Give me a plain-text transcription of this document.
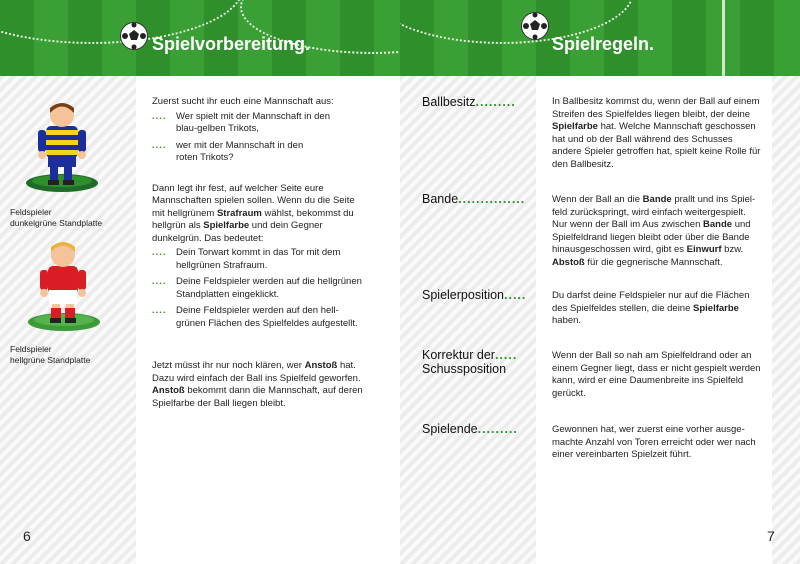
Spielvorbereitung.	Spielregeln.
Feldspieler
dunkelgrüne Standplatte
Feldspieler
hellgrüne Standplatte
6
Zuerst sucht ihr euch eine Mannschaft aus:
.... Wer spielt mit der Mannschaft in den
blau-gelben Trikots,
.... wer mit der Mannschaft in den
roten Trikots?
Dann legt ihr fest, auf welcher Seite eure
Mannschaften spielen sollen. Wenn du die Seite
mit hellgrünem Strafraum wählst, bekommst du
hellgrün als Spielfarbe und dein Gegner
dunkelgrün. Das bedeutet:
.... Dein Torwart kommt in das Tor mit dem
hellgrünen Strafraum.
.... Deine Feldspieler werden auf die hellgrünen
Standplatten eingeklickt.
.... Deine Feldspieler werden auf den hell-
grünen Flächen des Spielfeldes aufgestellt.
Jetzt müsst ihr nur noch klären, wer Anstoß hat.
Dazu wird einfach der Ball ins Spielfeld geworfen.
Anstoß bekommt dann die Mannschaft, auf deren
Spielfarbe der Ball liegen bleibt.
Ballbesitz.........
Bande...............
Spielerposition.....
Korrektur der.....
Schussposition
Spielende.........
In Ballbesitz kommst du, wenn der Ball auf einem
Streifen des Spielfeldes liegen bleibt, der deine
Spielfarbe hat. Welche Mannschaft geschossen
hat und ob der Ball während des Schusses
andere Spieler getroffen hat, spielt keine Rolle für
den Ballbesitz.
Wenn der Ball an die Bande prallt und ins Spiel-
feld zurückspringt, wird einfach weitergespielt.
Nur wenn der Ball im Aus zwischen Bande und
Spielfeldrand liegen bleibt oder über die Bande
hinausgeschossen wird, gibt es Einwurf bzw.
Abstoß für die gegnerische Mannschaft.
Du darfst deine Feldspieler nur auf die Flächen
des Spielfeldes stellen, die deine Spielfarbe
haben.
Wenn der Ball so nah am Spielfeldrand oder an
einem Gegner liegt, dass er nicht gespielt werden
kann, wird er eine Daumenbreite ins Spielfeld
gerückt.
Gewonnen hat, wer zuerst eine vorher ausge-
machte Anzahl von Toren erreicht oder wer nach
einer vereinbarten Spielzeit führt.
7
